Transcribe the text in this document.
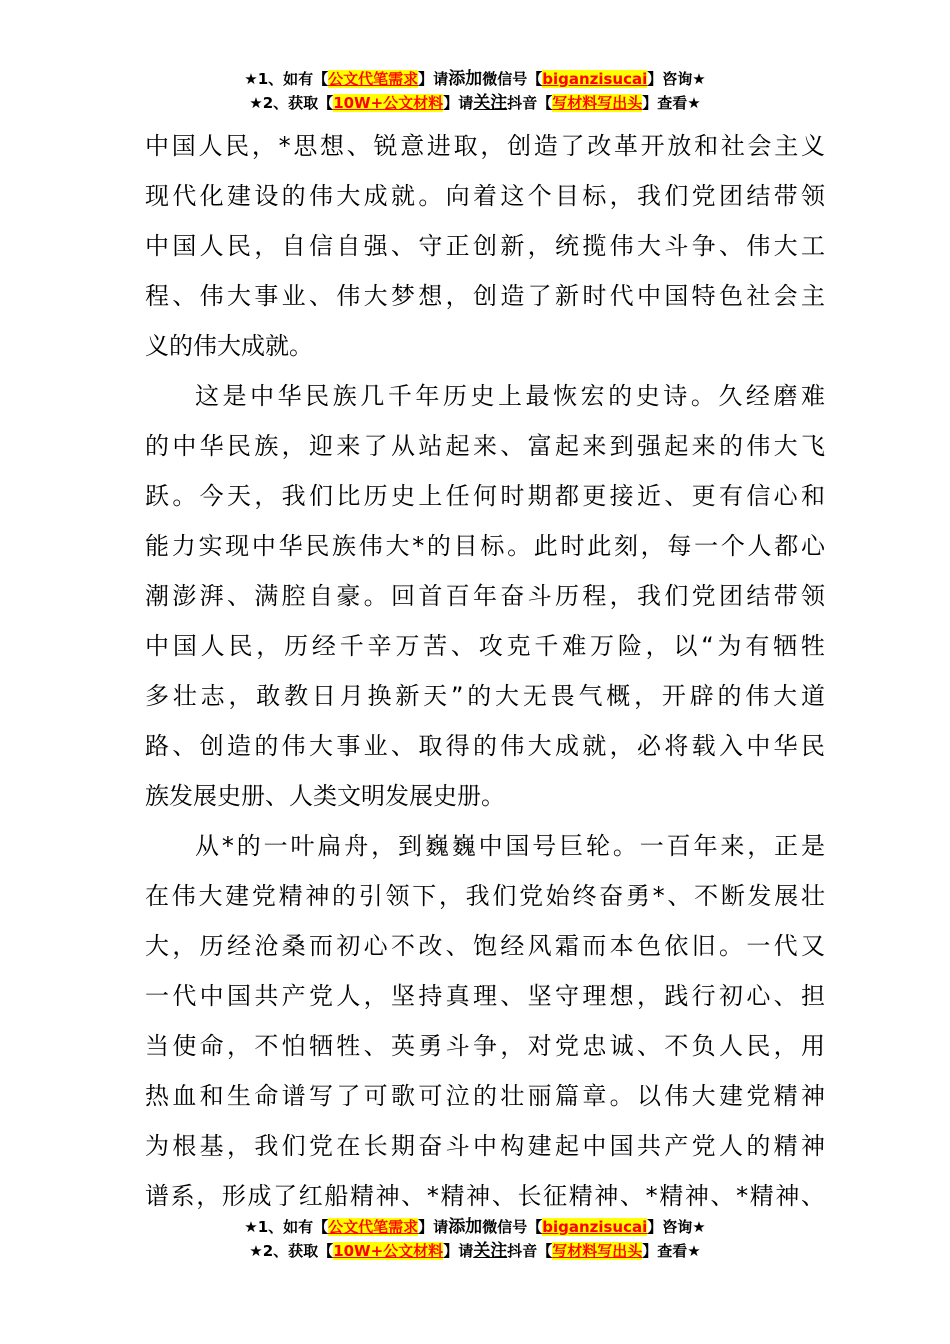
★1、如有【公文代笔需求】请添加微信号【biganzisucai】咨询★
★2、获取【10W+公文材料】请关注抖音【写材料写出头】查看★
中国人民，*思想、锐意进取，创造了改革开放和社会主义
现代化建设的伟大成就。向着这个目标，我们党团结带领
中国人民，自信自强、守正创新，统揽伟大斗争、伟大工
程、伟大事业、伟大梦想，创造了新时代中国特色社会主
义的伟大成就。
这是中华民族几千年历史上最恢宏的史诗。久经磨难
的中华民族，迎来了从站起来、富起来到强起来的伟大飞
跃。今天，我们比历史上任何时期都更接近、更有信心和
能力实现中华民族伟大*的目标。此时此刻，每一个人都心
潮澎湃、满腔自豪。回首百年奋斗历程，我们党团结带领
中国人民，历经千辛万苦、攻克千难万险，以“为有牺牲
多壮志，敢教日月换新天”的大无畏气概，开辟的伟大道
路、创造的伟大事业、取得的伟大成就，必将载入中华民
族发展史册、人类文明发展史册。
从*的一叶扁舟，到巍巍中国号巨轮。一百年来，正是
在伟大建党精神的引领下，我们党始终奋勇*、不断发展壮
大，历经沧桑而初心不改、饱经风霜而本色依旧。一代又
一代中国共产党人，坚持真理、坚守理想，践行初心、担
当使命，不怕牺牲、英勇斗争，对党忠诚、不负人民，用
热血和生命谱写了可歌可泣的壮丽篇章。以伟大建党精神
为根基，我们党在长期奋斗中构建起中国共产党人的精神
谱系，形成了红船精神、*精神、长征精神、*精神、*精神、
★1、如有【公文代笔需求】请添加微信号【biganzisucai】咨询★
★2、获取【10W+公文材料】请关注抖音【写材料写出头】查看★
